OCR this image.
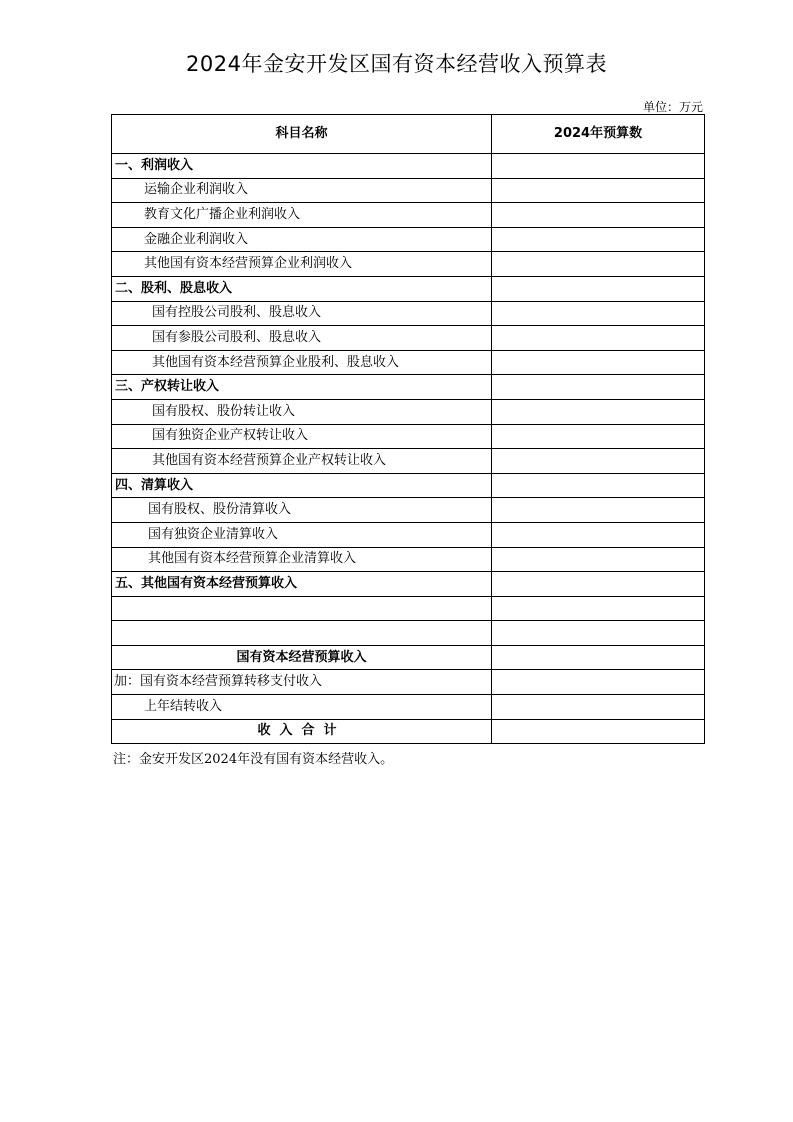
2024年金安开发区国有资本经营收入预算表
单位：万元
科目名称	2024年预算数
一、利润收入	
运输企业利润收入	
教育文化广播企业利润收入	
金融企业利润收入	
其他国有资本经营预算企业利润收入	
二、股利、股息收入	
国有控股公司股利、股息收入	
国有参股公司股利、股息收入	
其他国有资本经营预算企业股利、股息收入	
三、产权转让收入	
国有股权、股份转让收入	
国有独资企业产权转让收入	
其他国有资本经营预算企业产权转让收入	
四、清算收入	
国有股权、股份清算收入	
国有独资企业清算收入	
其他国有资本经营预算企业清算收入	
五、其他国有资本经营预算收入	

国有资本经营预算收入	
加：国有资本经营预算转移支付收入	
上年结转收入	
收入合计	
注：金安开发区2024年没有国有资本经营收入。
